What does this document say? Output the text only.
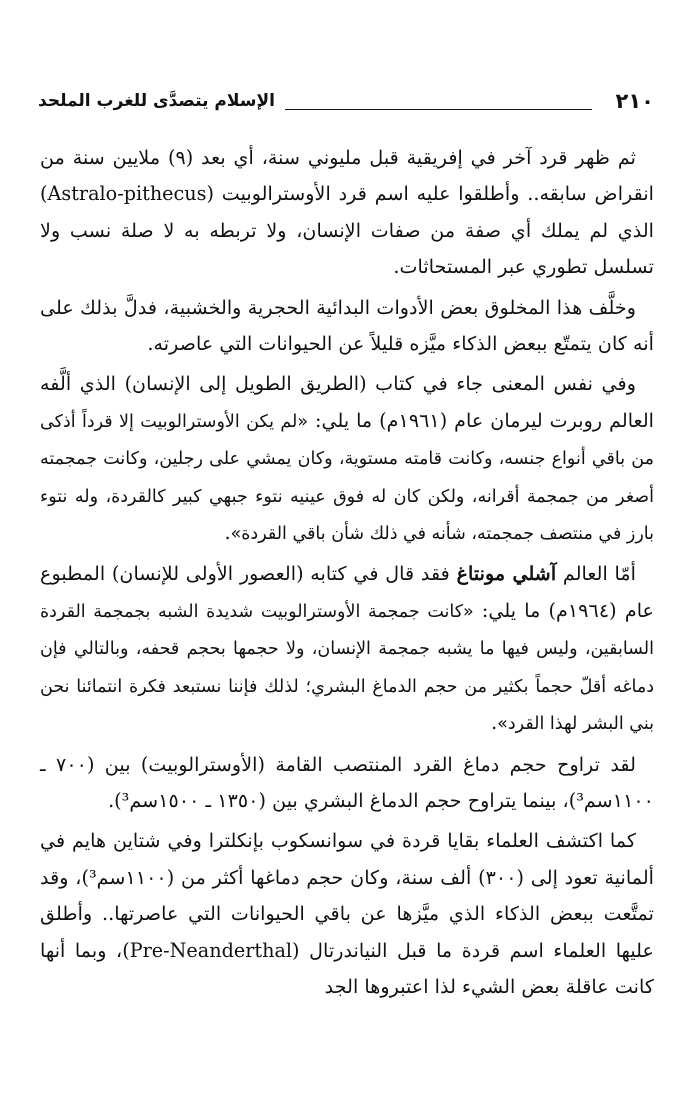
٢١٠
الإسلام يتصدَّى للغرب الملحد

ثم ظهر قرد آخر في إفريقية قبل مليوني سنة، أي بعد (٩) ملايين سنة من انقراض سابقه.. وأطلقوا عليه اسم قرد الأوسترالوبيت (Astralo-pithecus) الذي لم يملك أي صفة من صفات الإنسان، ولا تربطه به لا صلة نسب ولا تسلسل تطوري عبر المستحاثات.

وخلَّف هذا المخلوق بعض الأدوات البدائية الحجرية والخشبية، فدلَّ بذلك على أنه كان يتمتّع ببعض الذكاء ميَّزه قليلاً عن الحيوانات التي عاصرته.

وفي نفس المعنى جاء في كتاب (الطريق الطويل إلى الإنسان) الذي ألَّفه العالم روبرت ليرمان عام (١٩٦١م) ما يلي: «لم يكن الأوسترالوبيت إلا قرداً أذكى من باقي أنواع جنسه، وكانت قامته مستوية، وكان يمشي على رجلين، وكانت جمجمته أصغر من جمجمة أقرانه، ولكن كان له فوق عينيه نتوء جبهي كبير كالقردة، وله نتوء بارز في منتصف جمجمته، شأنه في ذلك شأن باقي القردة».

أمّا العالم آشلي مونتاغ فقد قال في كتابه (العصور الأولى للإنسان) المطبوع عام (١٩٦٤م) ما يلي: «كانت جمجمة الأوسترالوبيت شديدة الشبه بجمجمة القردة السابقين، وليس فيها ما يشبه جمجمة الإنسان، ولا حجمها بحجم قحفه، وبالتالي فإن دماغه أقلّ حجماً بكثير من حجم الدماغ البشري؛ لذلك فإننا نستبعد فكرة انتمائنا نحن بني البشر لهذا القرد».

لقد تراوح حجم دماغ القرد المنتصب القامة (الأوسترالوبيت) بين (٧٠٠ ـ ١١٠٠سم³)، بينما يتراوح حجم الدماغ البشري بين (١٣٥٠ ـ ١٥٠٠سم³).

كما اكتشف العلماء بقايا قردة في سوانسكوب بإنكلترا وفي شتاين هايم في ألمانية تعود إلى (٣٠٠) ألف سنة، وكان حجم دماغها أكثر من (١١٠٠سم³)، وقد تمتَّعت ببعض الذكاء الذي ميَّزها عن باقي الحيوانات التي عاصرتها.. وأطلق عليها العلماء اسم قردة ما قبل النياندرتال (Pre-Neanderthal)، وبما أنها كانت عاقلة بعض الشيء لذا اعتبروها الجد
